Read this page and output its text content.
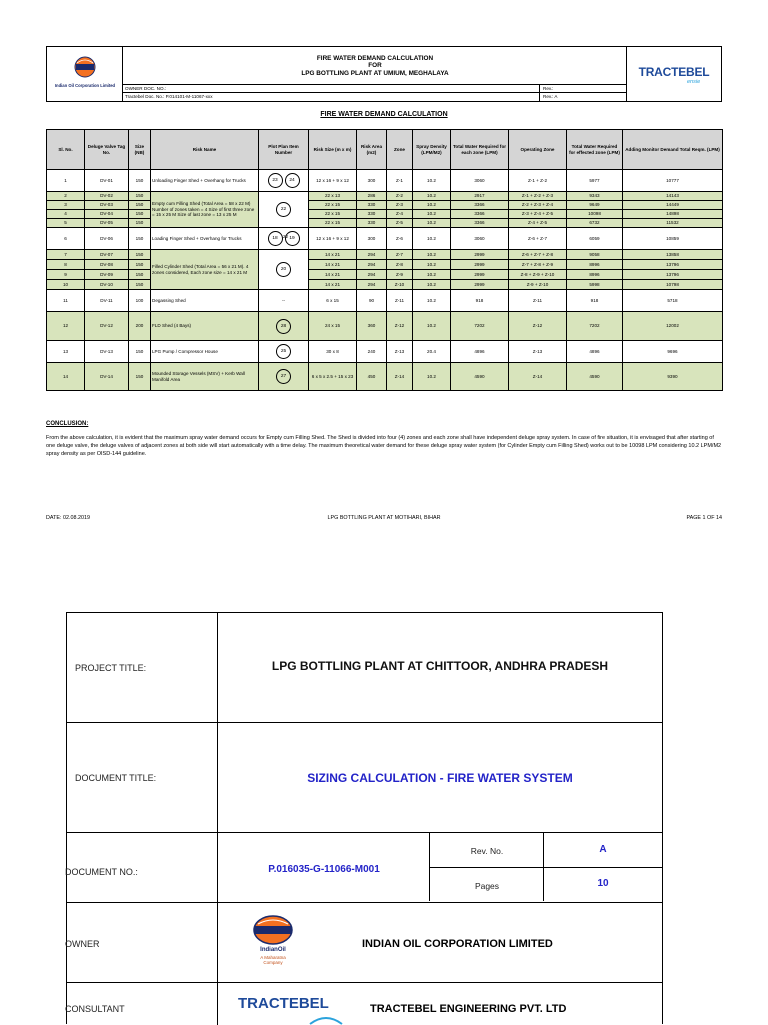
Indian Oil Corporation Limited
FIRE WATER DEMAND CALCULATION
FOR
LPG BOTTLING PLANT AT UMIUM, MEGHALAYA
OWNER DOC. NO.:	Rev.:
Tractebel Doc. No.: P.014101-M-11067-xxx	Rev.: A
TRACTEBEL
ensie
FIRE WATER DEMAND CALCULATION
Sl. No.	Deluge Valve Tag No.	Size (NB)	Risk Name	Plot Plan Item Number	Risk Size (m x m)	Risk Area (m2)	Zone	Spray Density (LPM/M2)	Total Water Required for each zone (LPM)	Operating Zone	Total Water Required for effected zone (LPM)	Adding Monitor Demand Total Reqm. (LPM)
1	DV-01	150	Unloading Finger Shed + Overhang for Trucks	23 24	12 x 16 + 9 x 12	300	Z-1	10.2	3060	Z-1 + Z-2	5977	10777
2	DV-02	150	Empty cum Filling Shed (Total Area = 58 x 22 M) Number of zones taken = 4 Size of first three zone = 15 x 25 M Size of last zone = 13 x 25 M	22	22 x 13	286	Z-2	10.2	2917	Z-1 + Z-2 + Z-3	9343	14143
3	DV-03	150			22 x 15	330	Z-3	10.2	3366	Z-2 + Z-3 + Z-4	9649	14449
4	DV-04	150			22 x 15	330	Z-4	10.2	3366	Z-3 + Z-4 + Z-5	10098	14898
5	DV-05	150			22 x 15	330	Z-5	10.2	3366	Z-4 + Z-5	6732	11532
6	DV-06	150	Loading Finger Shed + Overhang for Trucks	18 19	12 x 16 + 9 x 12	300	Z-6	10.2	3060	Z-6 + Z-7	6059	10859
7	DV-07	150	Filled Cylinder Shed (Total Area = 56 x 21 M). 4 zones considered, Each zone size = 14 x 21 M	20	14 x 21	294	Z-7	10.2	2999	Z-6 + Z-7 + Z-8	9058	13858
8	DV-08	150			14 x 21	294	Z-8	10.2	2999	Z-7 + Z-8 + Z-9	8996	13796
9	DV-09	150			14 x 21	294	Z-9	10.2	2999	Z-8 + Z-9 + Z-10	8996	13796
10	DV-10	150			14 x 21	294	Z-10	10.2	2999	Z-9 + Z-10	5998	10798
11	DV-11	100	Degassing Shed	--	6 x 15	90	Z-11	10.2	918	Z-11	918	5718
12	DV-12	200	FLD Shed (4 Bays)	28	24 x 15	360	Z-12	10.2	7202	Z-12	7202	12002
13	DV-13	150	LPG Pump / Compressor House	25	30 x 8	240	Z-13	20.4	4896	Z-13	4896	9696
14	DV-14	150	Mounded Storage Vessels (MSV) + Kerb Wall Manifold Area	27	6 x 5 x 2.5 + 15 x 23	450	Z-14	10.2	4590	Z-14	4590	9390
22
CONCLUSION:
From the above calculation, it is evident that the maximum spray water demand occurs for Empty cum Filling Shed. The Shed is divided into four (4) zones and each zone shall have independent deluge spray system. In case of fire situation, it is envisaged that after starting of one deluge valve, the deluge valves of adjacent zones at both side will start automatically with a time delay. The maximum theoretical water demand for these deluge spray water system (for Cylinder Empty cum Filling Shed) works out to be 10098 LPM considering 10.2 LPM/M2 spray density as per OISD-144 guideline.
DATE: 02.08.2019	LPG BOTTLING PLANT AT MOTIHARI, BIHAR	PAGE 1 OF 14
PROJECT TITLE:	LPG BOTTLING PLANT AT CHITTOOR, ANDHRA PRADESH
DOCUMENT TITLE:	SIZING CALCULATION - FIRE WATER SYSTEM
DOCUMENT NO.:	P.016035-G-11066-M001
Rev. No.	A
Pages	10
OWNER
IndianOil
A Maharatna
Company
INDIAN OIL CORPORATION LIMITED
CONSULTANT	TRACTEBEL	TRACTEBEL ENGINEERING PVT. LTD
